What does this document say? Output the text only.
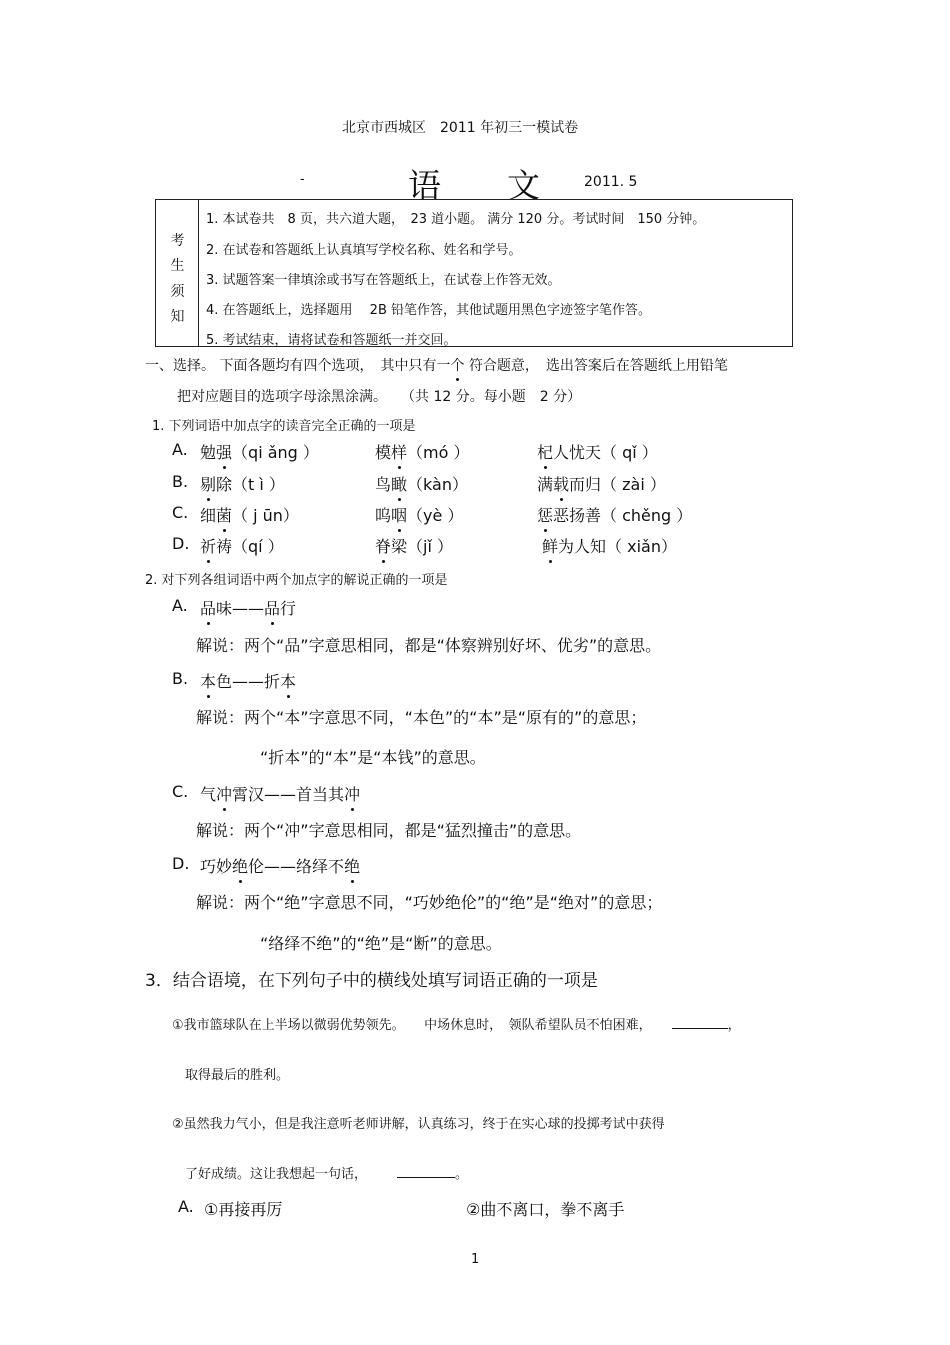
北京市西城区　2011 年初三一模试卷
-	语　　文	2011. 5
考
生
须
知
1. 本试卷共　8 页，共六道大题，　23 道小题。 满分 120 分。考试时间　150 分钟。
2. 在试卷和答题纸上认真填写学校名称、姓名和学号。
3. 试题答案一律填涂或书写在答题纸上，在试卷上作答无效。
4. 在答题纸上，选择题用　 2B 铅笔作答，其他试题用黑色字迹签字笔作答。
5. 考试结束，请将试卷和答题纸一并交回。
一、选择。 下面各题均有四个选项，　其中只有一个 符合题意，　选出答案后在答题纸上用铅笔
把对应题目的选项字母涂黑涂满。　　（共 12 分。每小题　2 分）
1. 下列词语中加点字的读音完全正确的一项是
A. 勉强（qi ǎng ）	模样（mó ）	杞人忧天（ qǐ ）
B. 剔除（t ì ）	鸟瞰（kàn）	满载而归（ zài ）
C. 细菌（ j ūn）	呜咽（yè ）	惩恶扬善（ chěng ）
D. 祈祷（qí ）	脊梁（jǐ ）	鲜为人知（ xiǎn）
2. 对下列各组词语中两个加点字的解说正确的一项是
A. 品味——品行
解说：两个“品”字意思相同，都是“体察辨别好坏、优劣”的意思。
B. 本色——折本
解说：两个“本”字意思不同，“本色”的“本”是“原有的”的意思；
“折本”的“本”是“本钱”的意思。
C. 气冲霄汉——首当其冲
解说：两个“冲”字意思相同，都是“猛烈撞击”的意思。
D. 巧妙绝伦——络绎不绝
解说：两个“绝”字意思不同，“巧妙绝伦”的“绝”是“绝对”的意思；
“络绎不绝”的“绝”是“断”的意思。
3．结合语境，在下列句子中的横线处填写词语正确的一项是
①我市篮球队在上半场以微弱优势领先。　　中场休息时，　领队希望队员不怕困难，	，
取得最后的胜利。
②虽然我力气小，但是我注意听老师讲解，认真练习，终于在实心球的投掷考试中获得
了好成绩。这让我想起一句话，	。
A. ①再接再厉	②曲不离口，拳不离手
1
